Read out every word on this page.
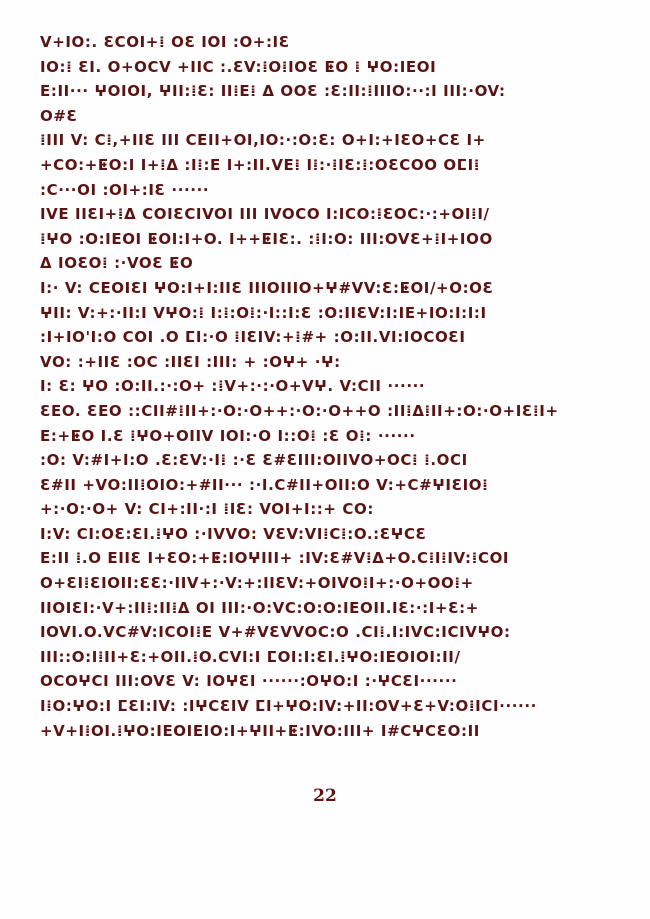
V+IO:. ƐCOI+⁞ OƐ IOI :O+:IƐ
IO:⁞ ƐI. O+OCV +IIC :.ƐV:⁞O⁞IOƐ ⵟO ⁞ ⵖO:IEOI
E:II··· ⵖOIOI, ⵖII:⁞Ɛ: II⁞E⁞ ⵠ OOƐ :Ɛ:II:⁞IIIO:··:I III:·OV:
O#Ɛ
⁞III V: C⁞,+IIƐ III CEII+OI,IO:·:O:Ɛ: O+I:+IƐO+CƐ I+
+CO:+ⵟO:I I+⁞ⵠ :I⁞:E I+:II.VE⁞ I⁞:·⁞IƐ:⁞:OƐCOO OⵎI⁞
:C···OI :OI+:IƐ ······
IVE IIƐI+⁞ⵠ COIƐCIVOI III IVOCO I:ICO:⁞ƐOC:·:+OI⁞I/
⁞ⵖO :O:IEOI ⵟOI:I+O. I++ⵟIƐ:. :⁞I:O: III:OVƐ+⁞I+IOO
ⵠ IOƐO⁞ :·VOƐ ⵟO
I:· V: CEOIƐI ⵖO:I+I:IIƐ IIIOIIIO+ⵖ#VV:Ɛ:ⵟOI/+O:OƐ
ⵖII: V:+:·II:I VⵖO:⁞ I:⁞:O⁞:·I::I:Ɛ :O:IIƐV:I:IE+IO:I:I:I
:I+IO'I:O COI .O ⵎI:·O ⁞IƐIV:+⁞#+ :O:II.VI:IOCOƐI
VO: :+IIƐ :OC :IIƐI :III: + :Oⵖ+ ·ⵖ:
I: Ɛ: ⵖO :O:II.:·:O+ :⁞V+:·:·O+Vⵖ. V:CII ······
ƐEO. ƐEO ::CII#⁞II+:·O:·O++:·O:·O++O :II⁞ⵠ⁞II+:O:·O+IƐ⁞I+
E:+ⵟO I.Ɛ ⁞ⵖO+OIIV IOI:·O I::O⁞ :Ɛ O⁞: ······
:O: V:#I+I:O .Ɛ:ƐV:·I⁞ :·Ɛ Ɛ#ƐIII:OIIVO+OC⁞ ⁞.OCI
Ɛ#II +VO:II⁞OIO:+#II··· :·I.C#II+OII:O V:+C#ⵖIƐIO⁞
+:·O:·O+ V: CI+:II·:I ⁞IƐ: VOI+I::+ CO:
I:V: CI:OƐ:ƐI.⁞ⵖO :·IVVO: VƐV:VI⁞C⁞:O.:ƐⵖCƐ
E:II ⁞.O EIIƐ I+ƐO:+ⵟ:IOⵖIII+ :IV:Ɛ#V⁞ⵠ+O.C⁞I⁞IV:⁞COI
O+ƐI⁞ƐIOII:ƐƐ:·IIV+:·V:+:IIƐV:+OIVO⁞I+:·O+OO⁞+
IIOIƐI:·V+:II⁞:II⁞ⵠ OI III:·O:VC:O:O:IEOII.IƐ:·:I+Ɛ:+
IOVI.O.VC#V:ICOI⁞E V+#VƐVVOC:O .CI⁞.I:IVC:ICIVⵖO:
III::O:I⁞II+Ɛ:+OII.⁞O.CVI:I ⵎOI:I:ƐI.⁞ⵖO:IEOIOI:II/
OCOⵖCI III:OVƐ V: IOⵖƐI ······:OⵖO:I :·ⵖCƐI······
I⁞O:ⵖO:I ⵎƐI:IV: :IⵖCƐIV ⵎI+ⵖO:IV:+II:OV+Ɛ+V:O⁞ICI······
+V+I⁞OI.⁞ⵖO:IEOIEIO:I+ⵖII+ⵟ:IVO:III+ I#CⵖCƐO:II
22
